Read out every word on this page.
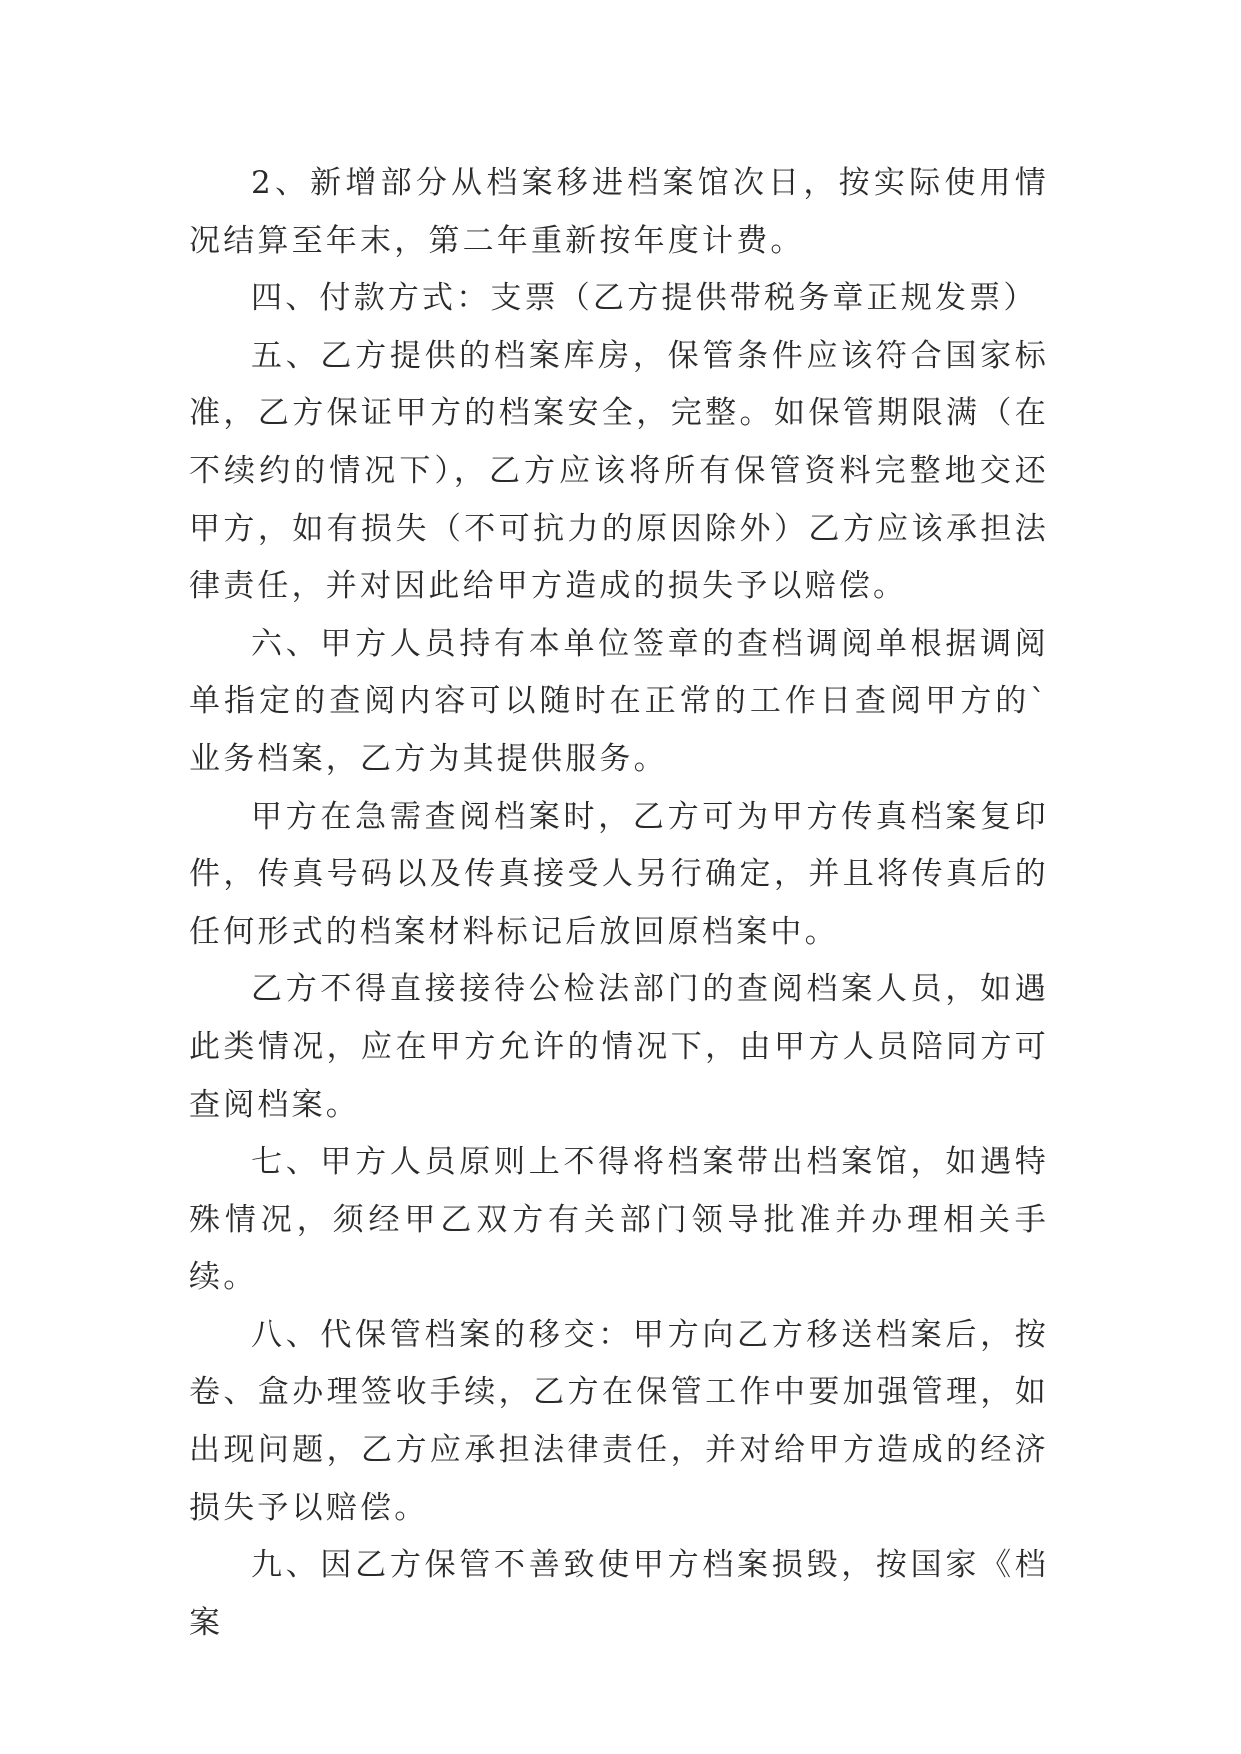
2、新增部分从档案移进档案馆次日，按实际使用情况结算至年末，第二年重新按年度计费。

四、付款方式：支票（乙方提供带税务章正规发票）

五、乙方提供的档案库房，保管条件应该符合国家标准，乙方保证甲方的档案安全，完整。如保管期限满（在不续约的情况下），乙方应该将所有保管资料完整地交还甲方，如有损失（不可抗力的原因除外）乙方应该承担法律责任，并对因此给甲方造成的损失予以赔偿。

六、甲方人员持有本单位签章的查档调阅单根据调阅单指定的查阅内容可以随时在正常的工作日查阅甲方的`业务档案，乙方为其提供服务。

甲方在急需查阅档案时，乙方可为甲方传真档案复印件，传真号码以及传真接受人另行确定，并且将传真后的任何形式的档案材料标记后放回原档案中。

乙方不得直接接待公检法部门的查阅档案人员，如遇此类情况，应在甲方允许的情况下，由甲方人员陪同方可查阅档案。

七、甲方人员原则上不得将档案带出档案馆，如遇特殊情况，须经甲乙双方有关部门领导批准并办理相关手续。

八、代保管档案的移交：甲方向乙方移送档案后，按卷、盒办理签收手续，乙方在保管工作中要加强管理，如出现问题，乙方应承担法律责任，并对给甲方造成的经济损失予以赔偿。

九、因乙方保管不善致使甲方档案损毁，按国家《档案
